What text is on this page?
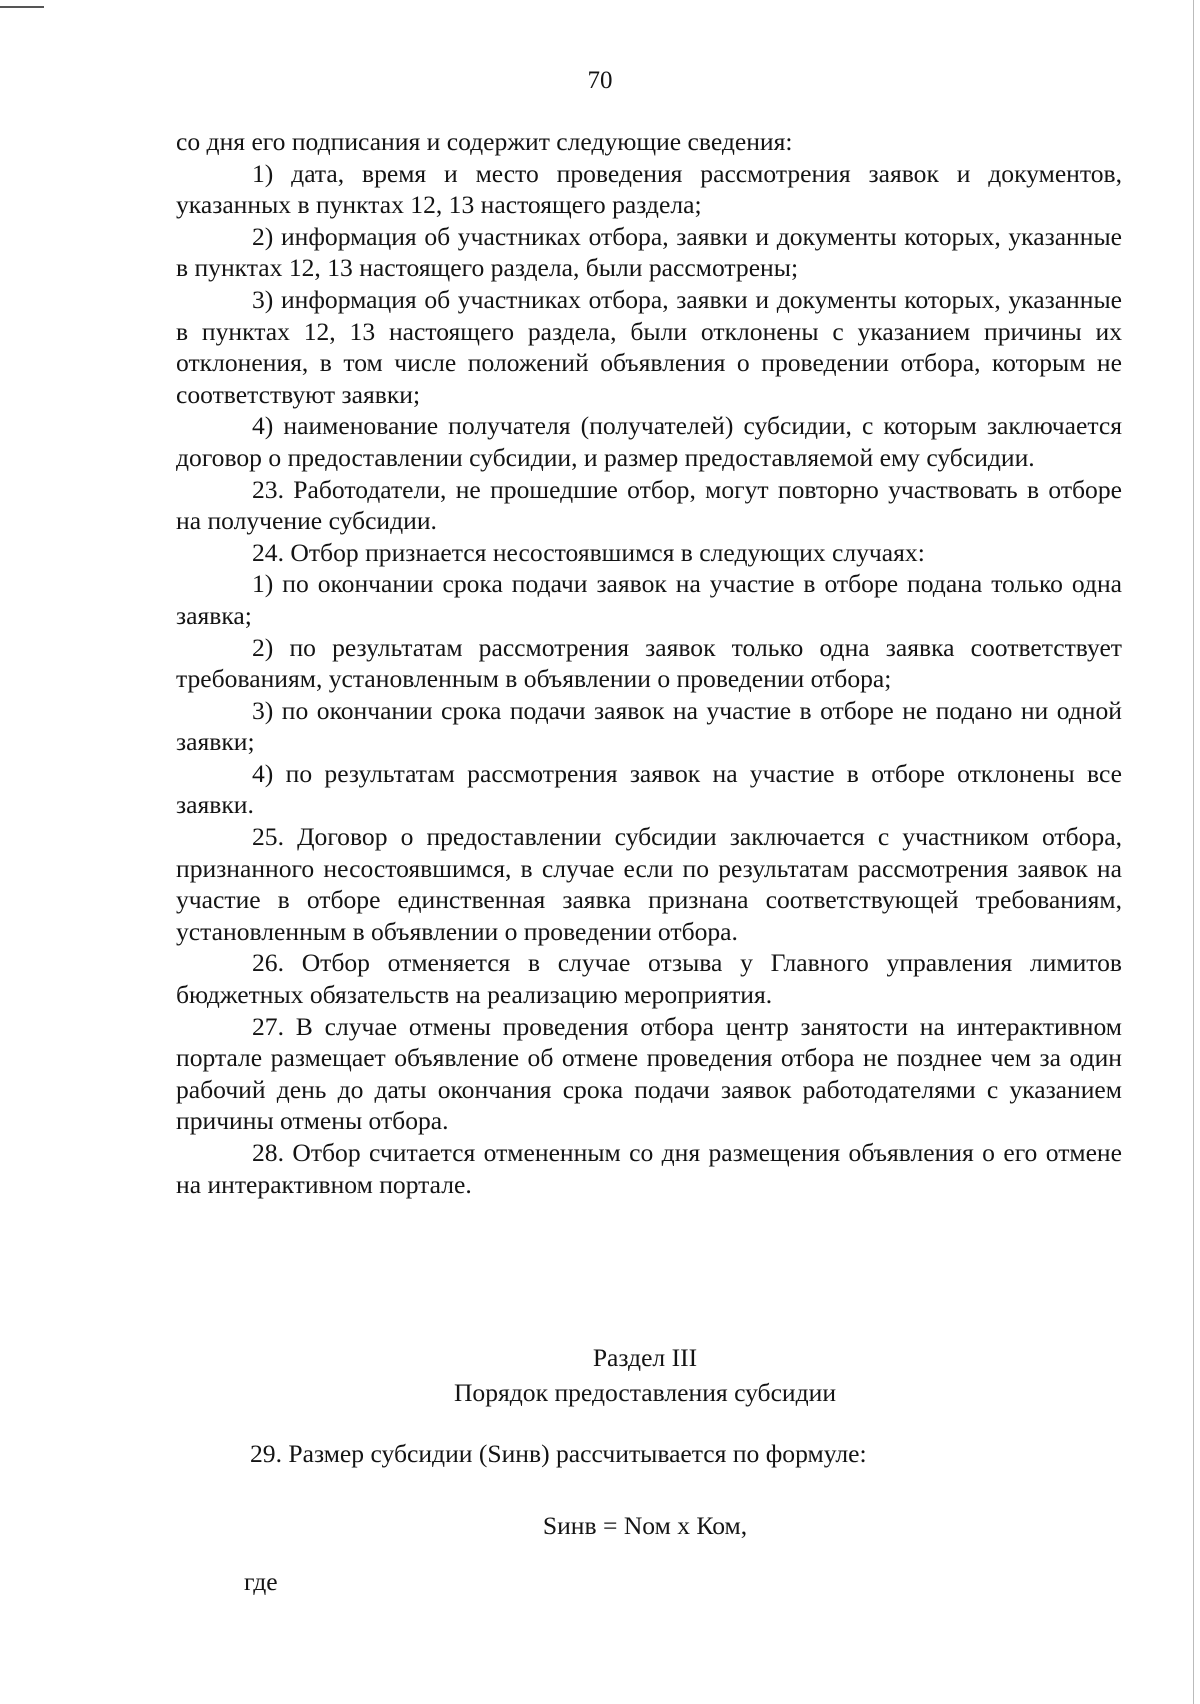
70

со дня его подписания и содержит следующие сведения:

1) дата, время и место проведения рассмотрения заявок и документов, указанных в пунктах 12, 13 настоящего раздела;

2) информация об участниках отбора, заявки и документы которых, указанные в пунктах 12, 13 настоящего раздела, были рассмотрены;

3) информация об участниках отбора, заявки и документы которых, указанные в пунктах 12, 13 настоящего раздела, были отклонены с указанием причины их отклонения, в том числе положений объявления о проведении отбора, которым не соответствуют заявки;

4) наименование получателя (получателей) субсидии, с которым заключается договор о предоставлении субсидии, и размер предоставляемой ему субсидии.

23. Работодатели, не прошедшие отбор, могут повторно участвовать в отборе на получение субсидии.

24. Отбор признается несостоявшимся в следующих случаях:

1) по окончании срока подачи заявок на участие в отборе подана только одна заявка;

2) по результатам рассмотрения заявок только одна заявка соответствует требованиям, установленным в объявлении о проведении отбора;

3) по окончании срока подачи заявок на участие в отборе не подано ни одной заявки;

4) по результатам рассмотрения заявок на участие в отборе отклонены все заявки.

25. Договор о предоставлении субсидии заключается с участником отбора, признанного несостоявшимся, в случае если по результатам рассмотрения заявок на участие в отборе единственная заявка признана соответствующей требованиям, установленным в объявлении о проведении отбора.

26. Отбор отменяется в случае отзыва у Главного управления лимитов бюджетных обязательств на реализацию мероприятия.

27. В случае отмены проведения отбора центр занятости на интерактивном портале размещает объявление об отмене проведения отбора не позднее чем за один рабочий день до даты окончания срока подачи заявок работодателями с указанием причины отмены отбора.

28. Отбор считается отмененным со дня размещения объявления о его отмене на интерактивном портале.

Раздел III
Порядок предоставления субсидии
29. Размер субсидии (Sинв) рассчитывается по формуле:
Sинв = Nом х Ком,
где
